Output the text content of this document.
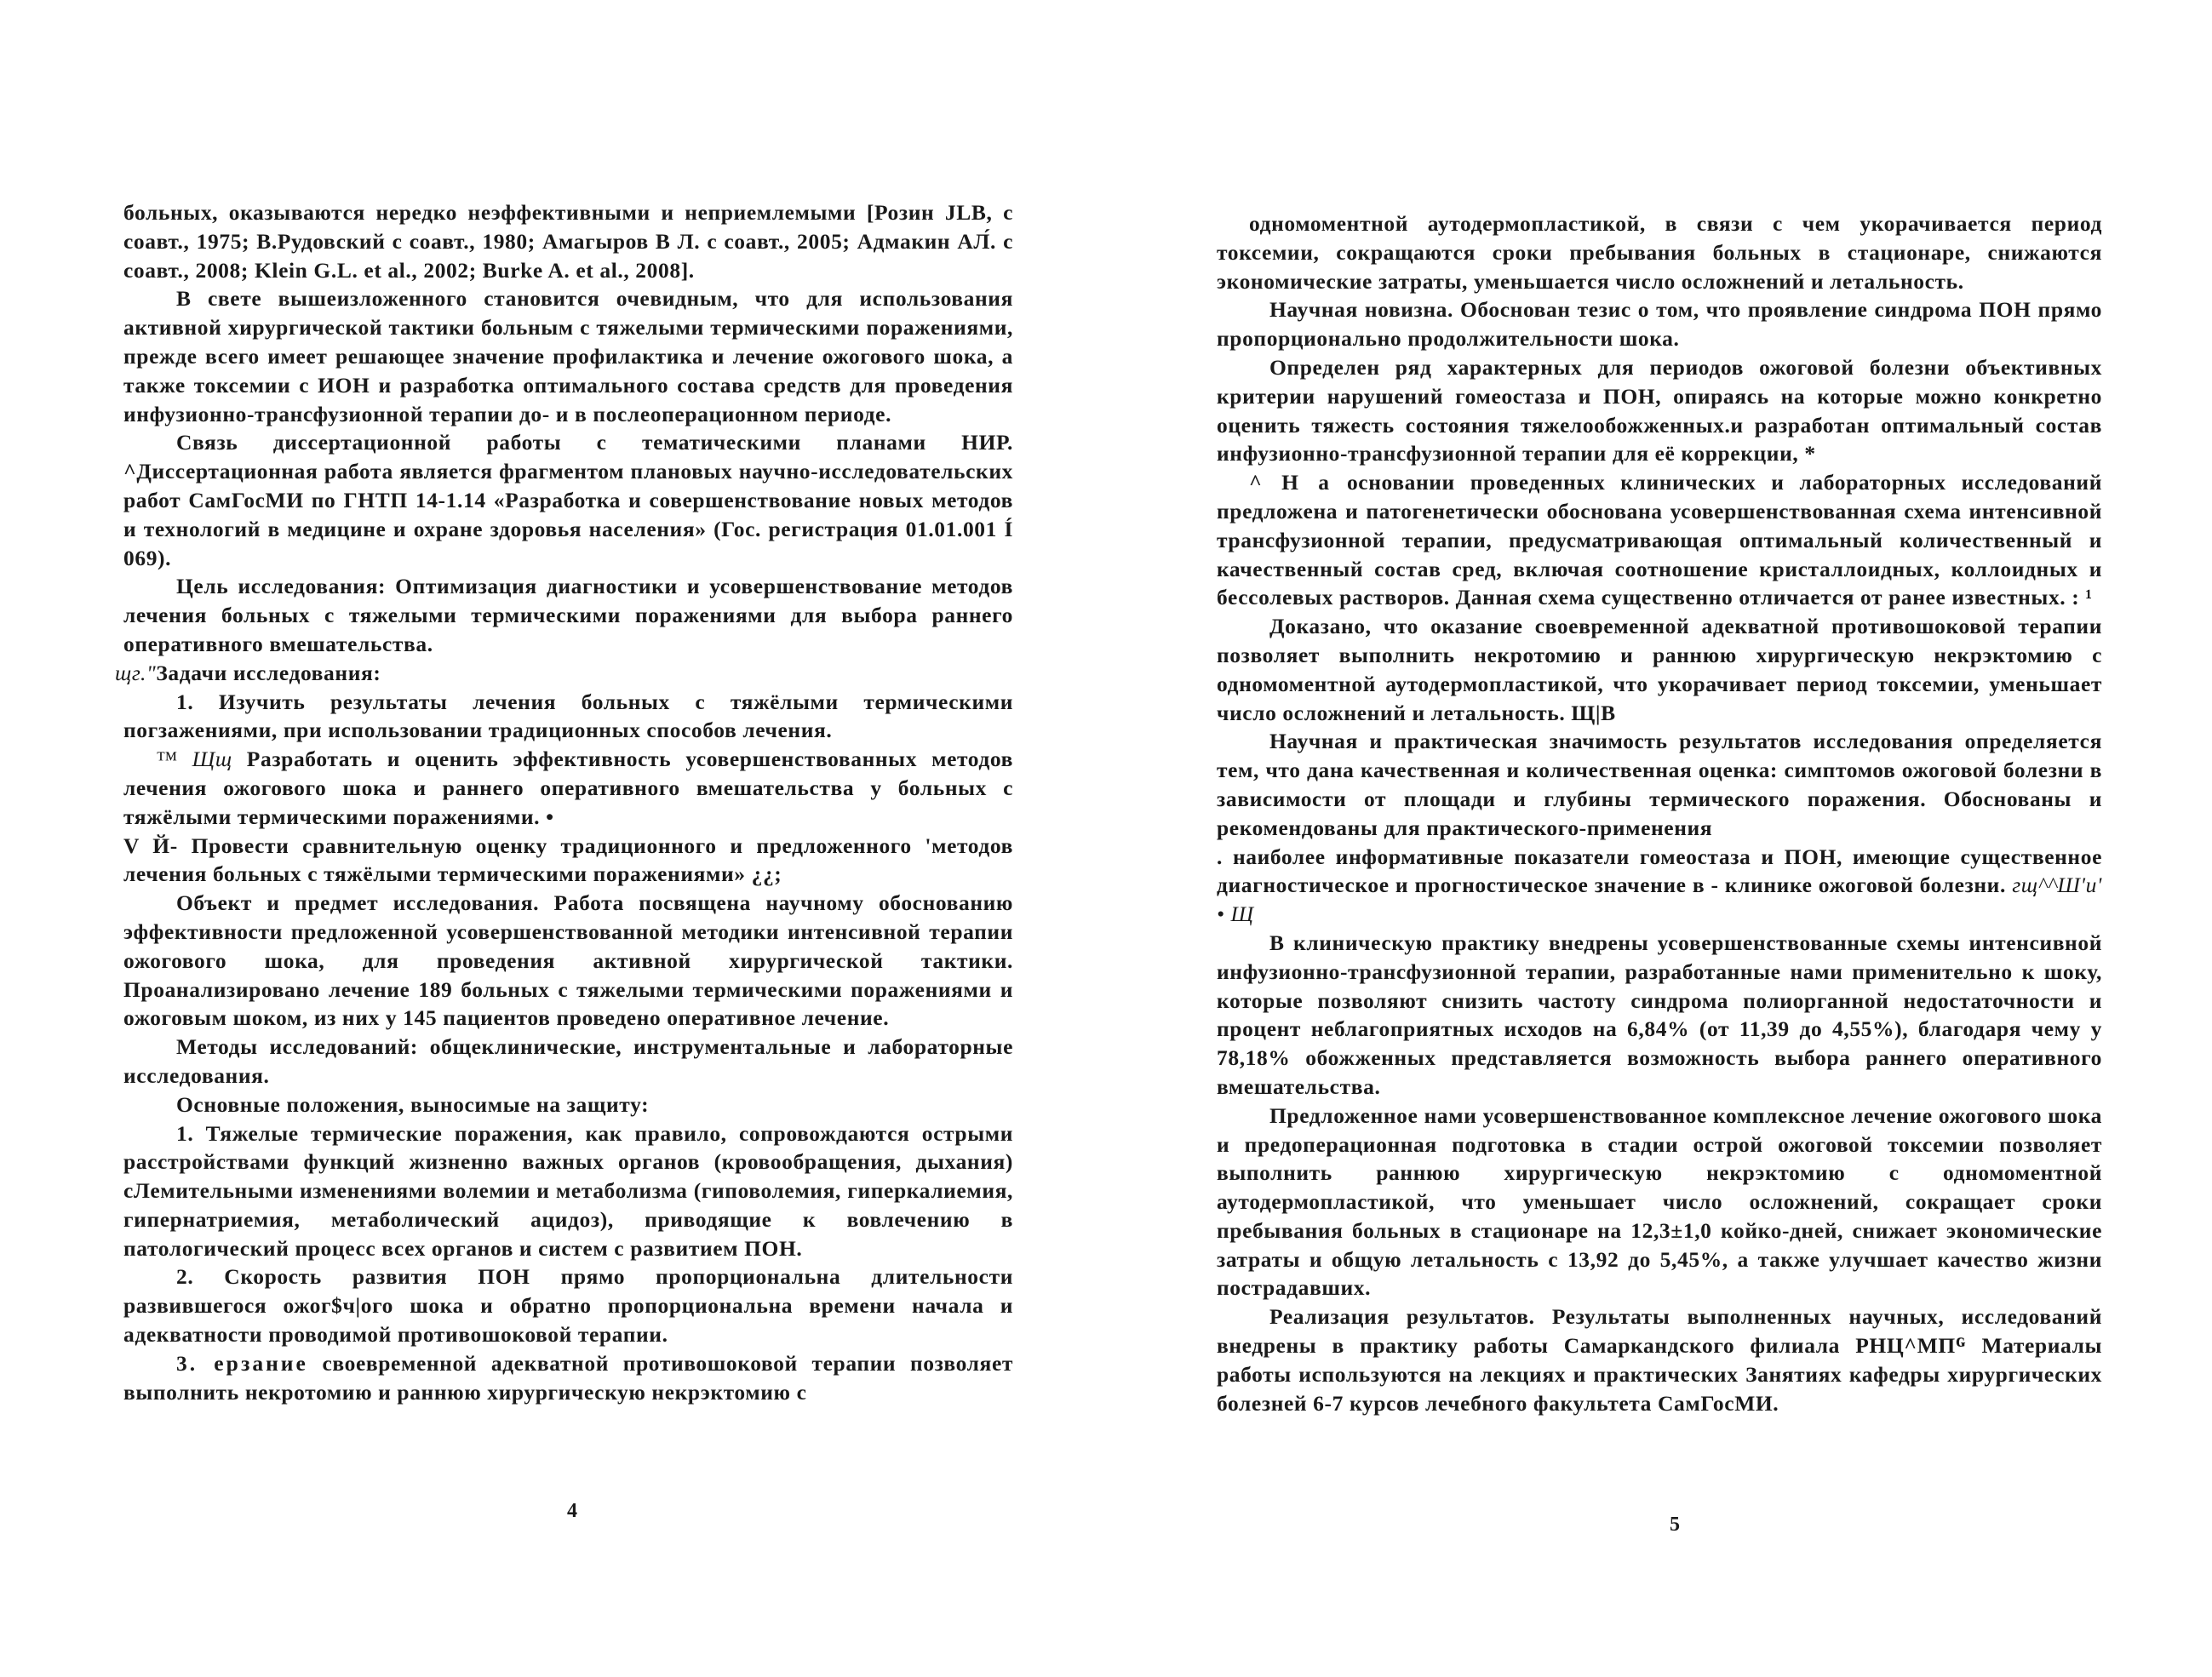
больных, оказываются нередко неэффективными и неприемлемыми [Розин JLB, с соавт., 1975; В.Рудовский с соавт., 1980; Амагыров В Л. с соавт., 2005; Адмакин АЛ́. с соавт., 2008; Klein G.L. et al., 2002; Burke A. et al., 2008].

В свете вышеизложенного становится очевидным, что для использования активной хирургической тактики больным с тяжелыми термическими поражениями, прежде всего имеет решающее значение профилактика и лечение ожогового шока, а также токсемии с ИОН и разработка оптимального состава средств для проведения инфузионно-трансфузионной терапии до- и в послеоперационном периоде.

Связь диссертационной работы с тематическими планами НИР. ^Диссертационная работа является фрагментом плановых научно-исследовательских работ СамГосМИ по ГНТП 14-1.14 «Разработка и совершенствование новых методов и технологий в медицине и охране здоровья населения» (Гос. регистрация 01.01.001 Í 069).

Цель исследования: Оптимизация диагностики и усовершенствование методов лечения больных с тяжелыми термическими поражениями для выбора раннего оперативного вмешательства.

щг."Задачи исследования:

1. Изучить результаты лечения больных с тяжёлыми термическими погзажениями, при использовании традиционных способов лечения.

™ Щщ Разработать и оценить эффективность усовершенствованных методов лечения ожогового шока и раннего оперативного вмешательства у больных с тяжёлыми термическими поражениями. •

V Й- Провести сравнительную оценку традиционного и предложенного 'методов лечения больных с тяжёлыми термическими поражениями» ¿¿;

Объект и предмет исследования. Работа посвящена научному обоснованию эффективности предложенной усовершенствованной методики интенсивной терапии ожогового шока, для проведения активной хирургической тактики. Проанализировано лечение 189 больных с тяжелыми термическими поражениями и ожоговым шоком, из них у 145 пациентов проведено оперативное лечение.

Методы исследований: общеклинические, инструментальные и лабораторные исследования.

Основные положения, выносимые на защиту:

1. Тяжелые термические поражения, как правило, сопровождаются острыми расстройствами функций жизненно важных органов (кровообращения, дыхания) сЛемительными изменениями волемии и метаболизма (гиповолемия, гиперкалиемия, гипернатриемия, метаболический ацидоз), приводящие к вовлечению в патологический процесс всех органов и систем с развитием ПОН.

2. Скорость развития ПОН прямо пропорциональна длительности развившегося ожог$ч|ого шока и обратно пропорциональна времени начала и адекватности проводимой противошоковой терапии.

3. ерзание своевременной адекватной противошоковой терапии позволяет выполнить некротомию и раннюю хирургическую некрэктомию с

4

одномоментной аутодермопластикой, в связи с чем укорачивается период токсемии, сокращаются сроки пребывания больных в стационаре, снижаются экономические затраты, уменьшается число осложнений и летальность.

Научная новизна. Обоснован тезис о том, что проявление синдрома ПОН прямо пропорционально продолжительности шока.

Определен ряд характерных для периодов ожоговой болезни объективных критерии нарушений гомеостаза и ПОН, опираясь на которые можно конкретно оценить тяжесть состояния тяжелообожженных.и разработан оптимальный состав инфузионно-трансфузионной терапии для её коррекции, *

^ Н а основании проведенных клинических и лабораторных исследований предложена и патогенетически обоснована усовершенствованная схема интенсивной трансфузионной терапии, предусматривающая оптимальный количественный и качественный состав сред, включая соотношение кристаллоидных, коллоидных и бессолевых растворов. Данная схема существенно отличается от ранее известных. : ¹

Доказано, что оказание своевременной адекватной противошоковой терапии позволяет выполнить некротомию и раннюю хирургическую некрэктомию с одномоментной аутодермопластикой, что укорачивает период токсемии, уменьшает число осложнений и летальность. Щ|В

Научная и практическая значимость результатов исследования определяется тем, что дана качественная и количественная оценка: симптомов ожоговой болезни в зависимости от площади и глубины термического поражения. Обоснованы и рекомендованы для практического-применения

. наиболее информативные показатели гомеостаза и ПОН, имеющие существенное диагностическое и прогностическое значение в - клинике ожоговой болезни. гщ^^Ш'и' • Щ

В клиническую практику внедрены усовершенствованные схемы интенсивной инфузионно-трансфузионной терапии, разработанные нами применительно к шоку, которые позволяют снизить частоту синдрома полиорганной недостаточности и процент неблагоприятных исходов на 6,84% (от 11,39 до 4,55%), благодаря чему у 78,18% обожженных представляется возможность выбора раннего оперативного вмешательства.

Предложенное нами усовершенствованное комплексное лечение ожогового шока и предоперационная подготовка в стадии острой ожоговой токсемии позволяет выполнить раннюю хирургическую некрэктомию с одномоментной аутодермопластикой, что уменьшает число осложнений, сокращает сроки пребывания больных в стационаре на 12,3±1,0 койко-дней, снижает экономические затраты и общую летальность с 13,92 до 5,45%, а также улучшает качество жизни пострадавших.

Реализация результатов. Результаты выполненных научных, исследований внедрены в практику работы Самаркандского филиала РНЦ^МПᴳ Материалы работы используются на лекциях и практических Занятиях кафедры хирургических болезней 6-7 курсов лечебного факультета СамГосМИ.

5
